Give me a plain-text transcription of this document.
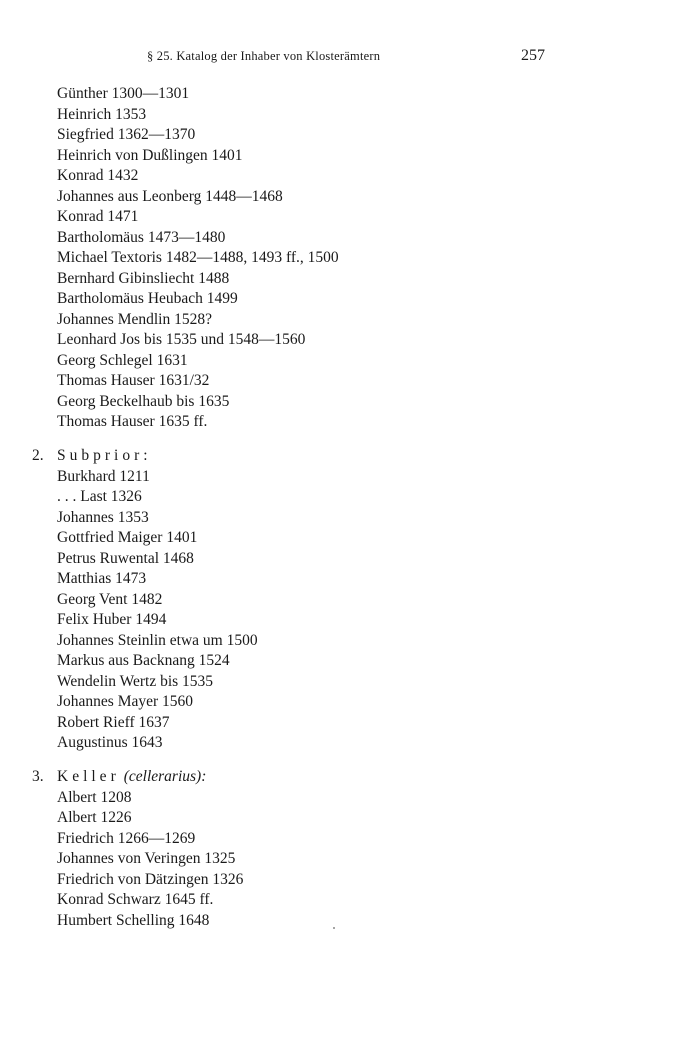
§ 25. Katalog der Inhaber von Klosterämtern	257
Günther 1300—1301
Heinrich 1353
Siegfried 1362—1370
Heinrich von Dußlingen 1401
Konrad 1432
Johannes aus Leonberg 1448—1468
Konrad 1471
Bartholomäus 1473—1480
Michael Textoris 1482—1488, 1493 ff., 1500
Bernhard Gibinsliecht 1488
Bartholomäus Heubach 1499
Johannes Mendlin 1528?
Leonhard Jos bis 1535 und 1548—1560
Georg Schlegel 1631
Thomas Hauser 1631/32
Georg Beckelhaub bis 1635
Thomas Hauser 1635 ff.
2. Subprior:
Burkhard 1211
. . . Last 1326
Johannes 1353
Gottfried Maiger 1401
Petrus Ruwental 1468
Matthias 1473
Georg Vent 1482
Felix Huber 1494
Johannes Steinlin etwa um 1500
Markus aus Backnang 1524
Wendelin Wertz bis 1535
Johannes Mayer 1560
Robert Rieff 1637
Augustinus 1643
3. Keller (cellerarius):
Albert 1208
Albert 1226
Friedrich 1266—1269
Johannes von Veringen 1325
Friedrich von Dätzingen 1326
Konrad Schwarz 1645 ff.
Humbert Schelling 1648
